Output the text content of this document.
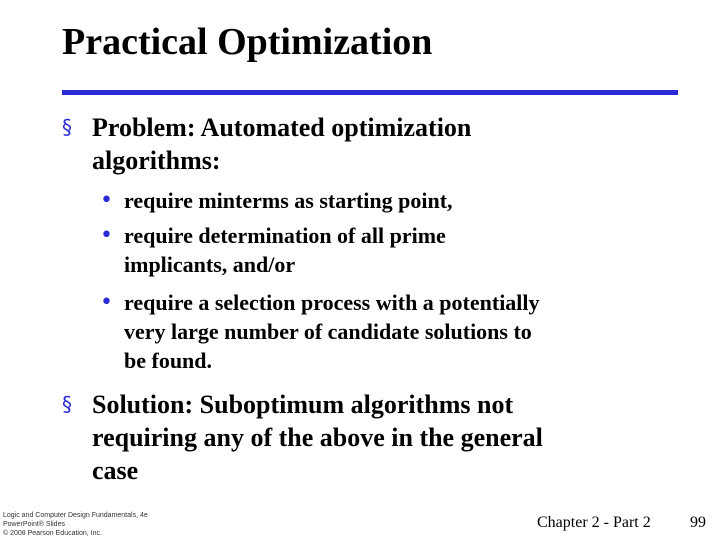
Practical Optimization
§ Problem: Automated optimization
algorithms:
• require minterms as starting point,
• require determination of all prime
implicants, and/or
• require a selection process with a potentially
very large number of candidate solutions to
be found.
§ Solution: Suboptimum algorithms not
requiring any of the above in the general
case
Logic and Computer Design Fundamentals, 4e
PowerPoint® Slides
© 2008 Pearson Education, Inc.
Chapter 2 - Part 2 99
